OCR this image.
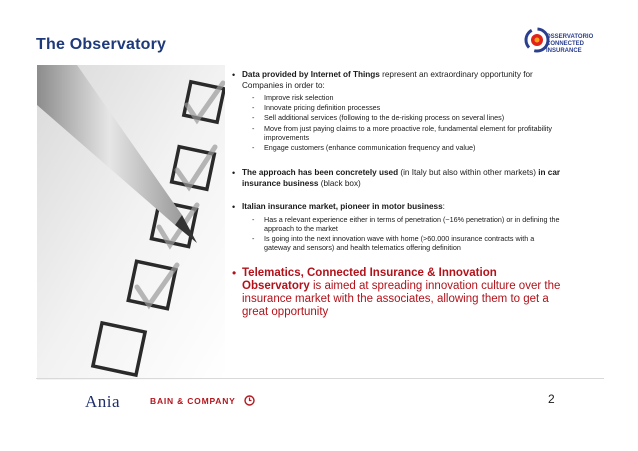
The Observatory	OSSERVATORIO
CONNECTED
INSURANCE
• Data provided by Internet of Things represent an extraordinary opportunity for Companies in order to:
- Improve risk selection
- Innovate pricing definition processes
- Sell additional services (following to the de-risking process on several lines)
- Move from just paying claims to a more proactive role, fundamental element for profitability improvements
- Engage customers (enhance communication frequency and value)
• The approach has been concretely used (in Italy but also within other markets) in car insurance business (black box)
• Italian insurance market, pioneer in motor business:
- Has a relevant experience either in terms of penetration (~16% penetration) or in defining the approach to the market
- Is going into the next innovation wave with home (>60.000 insurance contracts with a gateway and sensors) and health telematics offering definition
• Telematics, Connected Insurance & Innovation Observatory is aimed at spreading innovation culture over the insurance market with the associates, allowing them to get a great opportunity
Ania	BAIN & COMPANY	2
